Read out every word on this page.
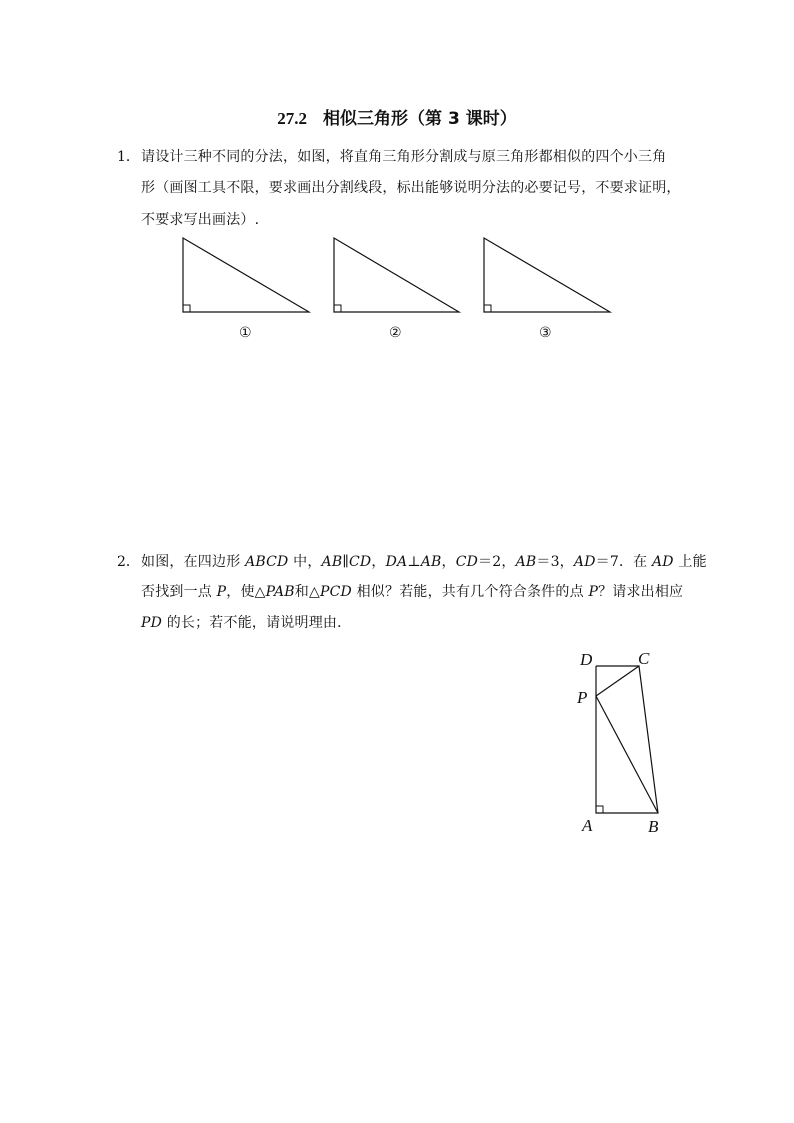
27.2 相似三角形（第 3 课时）
1． 请设计三种不同的分法，如图，将直角三角形分割成与原三角形都相似的四个小三角
形（画图工具不限，要求画出分割线段，标出能够说明分法的必要记号，不要求证明，
不要求写出画法）.
①	②	③
2． 如图，在四边形 ABCD 中，AB∥CD，DA⊥AB，CD＝2，AB＝3，AD＝7．在 AD 上能
否找到一点 P，使△PAB和△PCD 相似？若能，共有几个符合条件的点 P？请求出相应
PD 的长；若不能，请说明理由．
D	C
P
A	B
